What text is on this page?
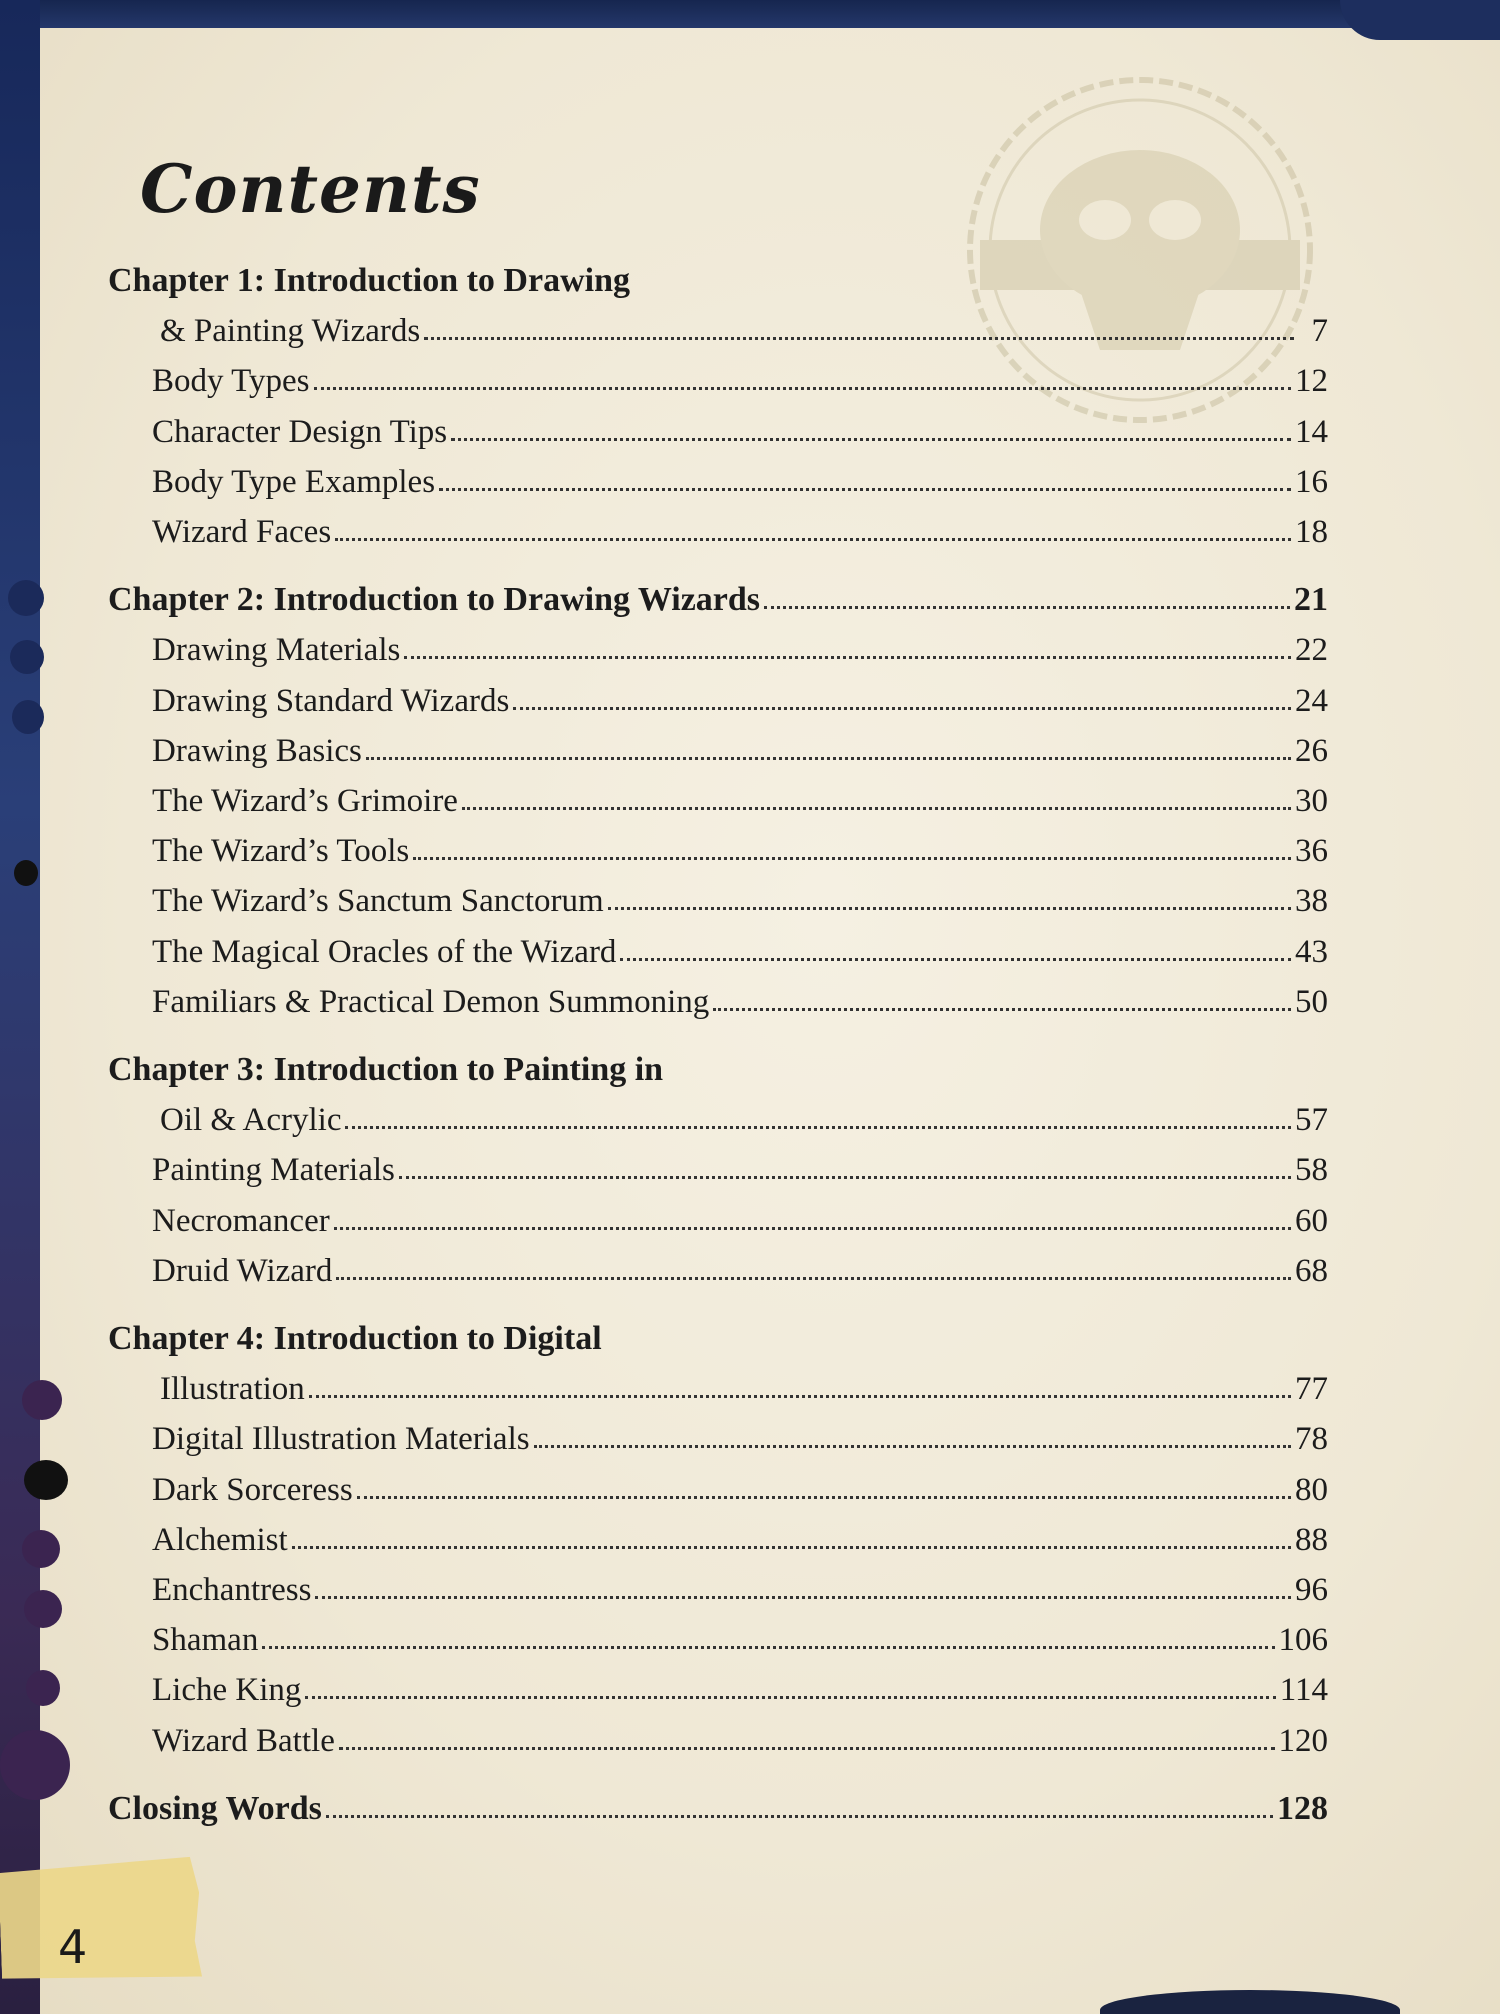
Contents
Chapter 1: Introduction to Drawing
& Painting Wizards	7
Body Types	12
Character Design Tips	14
Body Type Examples	16
Wizard Faces	18
Chapter 2: Introduction to Drawing Wizards	21
Drawing Materials	22
Drawing Standard Wizards	24
Drawing Basics	26
The Wizard’s Grimoire	30
The Wizard’s Tools	36
The Wizard’s Sanctum Sanctorum	38
The Magical Oracles of the Wizard	43
Familiars & Practical Demon Summoning	50
Chapter 3: Introduction to Painting in
Oil & Acrylic	57
Painting Materials	58
Necromancer	60
Druid Wizard	68
Chapter 4: Introduction to Digital
Illustration	77
Digital Illustration Materials	78
Dark Sorceress	80
Alchemist	88
Enchantress	96
Shaman	106
Liche King	114
Wizard Battle	120
Closing Words	128
4
